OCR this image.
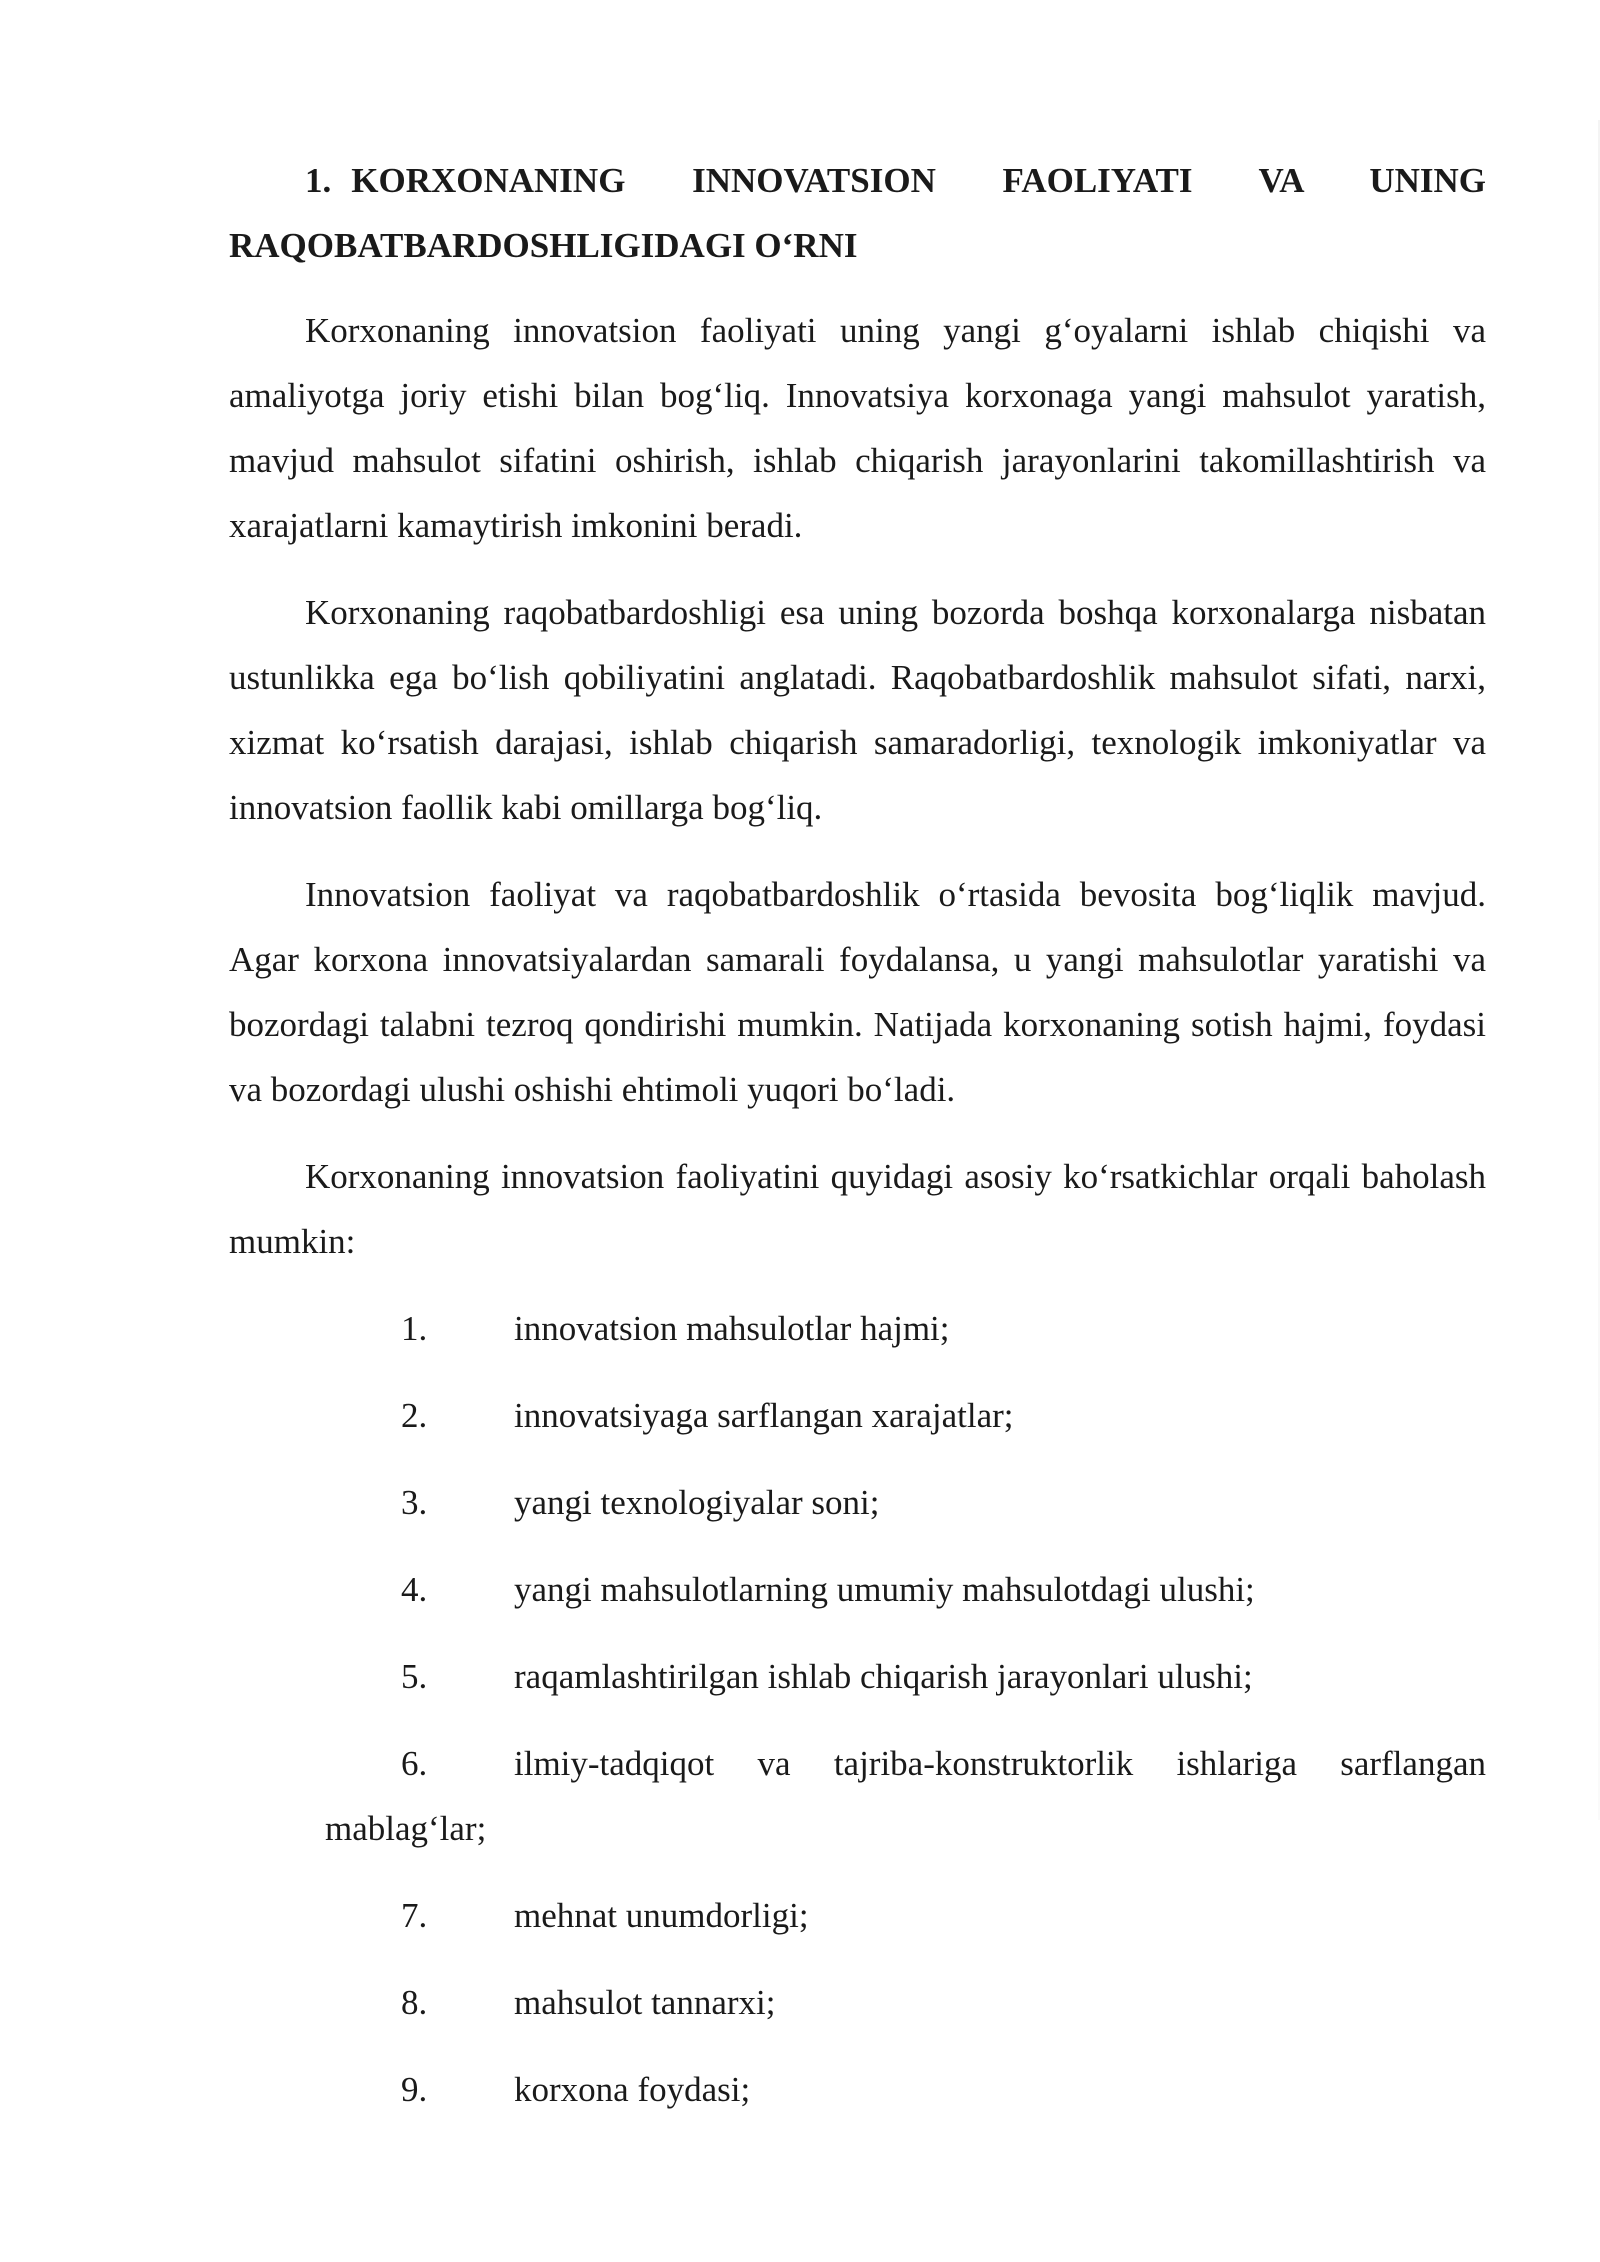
1. KORXONANING INNOVATSION FAOLIYATI VA UNING RAQOBATBARDOSHLIGIDAGI O‘RNI

Korxonaning innovatsion faoliyati uning yangi g‘oyalarni ishlab chiqishi va amaliyotga joriy etishi bilan bog‘liq. Innovatsiya korxonaga yangi mahsulot yaratish, mavjud mahsulot sifatini oshirish, ishlab chiqarish jarayonlarini takomillashtirish va xarajatlarni kamaytirish imkonini beradi.

Korxonaning raqobatbardoshligi esa uning bozorda boshqa korxonalarga nisbatan ustunlikka ega bo‘lish qobiliyatini anglatadi. Raqobatbardoshlik mahsulot sifati, narxi, xizmat ko‘rsatish darajasi, ishlab chiqarish samaradorligi, texnologik imkoniyatlar va innovatsion faollik kabi omillarga bog‘liq.

Innovatsion faoliyat va raqobatbardoshlik o‘rtasida bevosita bog‘liqlik mavjud. Agar korxona innovatsiyalardan samarali foydalansa, u yangi mahsulotlar yaratishi va bozordagi talabni tezroq qondirishi mumkin. Natijada korxonaning sotish hajmi, foydasi va bozordagi ulushi oshishi ehtimoli yuqori bo‘ladi.

Korxonaning innovatsion faoliyatini quyidagi asosiy ko‘rsatkichlar orqali baholash mumkin:

1.	innovatsion mahsulotlar hajmi;
2.	innovatsiyaga sarflangan xarajatlar;
3.	yangi texnologiyalar soni;
4.	yangi mahsulotlarning umumiy mahsulotdagi ulushi;
5.	raqamlashtirilgan ishlab chiqarish jarayonlari ulushi;
6.	ilmiy-tadqiqot va tajriba-konstruktorlik ishlariga sarflangan mablag‘lar;
7.	mehnat unumdorligi;
8.	mahsulot tannarxi;
9.	korxona foydasi;
